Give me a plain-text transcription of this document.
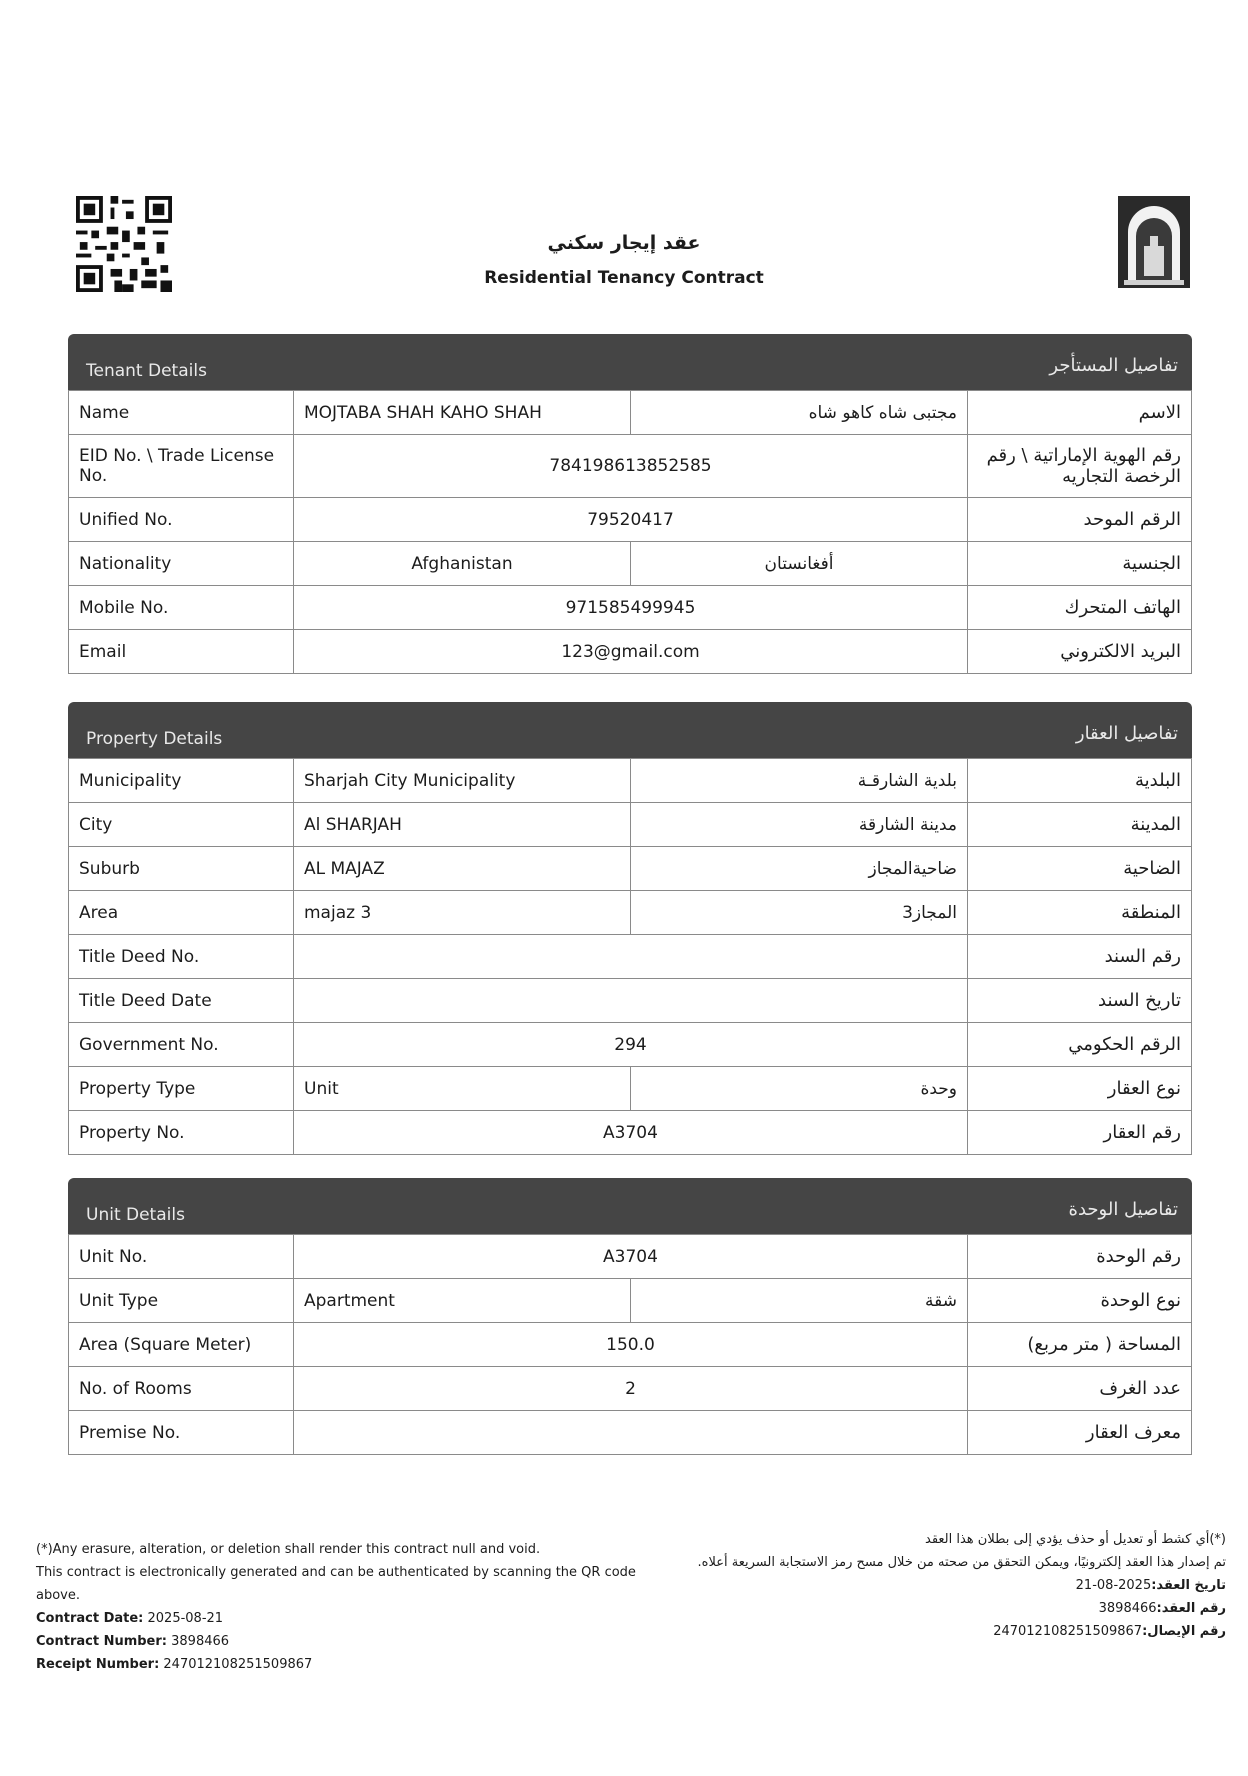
عقد إيجار سكني
Residential Tenancy Contract
Tenant Details	تفاصيل المستأجر
Name	MOJTABA SHAH KAHO SHAH	مجتبى شاه كاهو شاه	الاسم
EID No. \ Trade License No.	784198613852585		رقم الهوية الإماراتية \ رقم الرخصة التجاريه
Unified No.	79520417		الرقم الموحد
Nationality	Afghanistan	أفغانستان	الجنسية
Mobile No.	971585499945		الهاتف المتحرك
Email	123@gmail.com		البريد الالكتروني
Property Details	تفاصيل العقار
Municipality	Sharjah City Municipality	بلدية الشارقـة	البلدية
City	Al SHARJAH	مدينة الشارقة	المدينة
Suburb	AL MAJAZ	ضاحيةالمجاز	الضاحية
Area	majaz 3	المجاز3	المنطقة
Title Deed No.			رقم السند
Title Deed Date			تاريخ السند
Government No.	294		الرقم الحكومي
Property Type	Unit	وحدة	نوع العقار
Property No.	A3704		رقم العقار
Unit Details	تفاصيل الوحدة
Unit No.	A3704		رقم الوحدة
Unit Type	Apartment	شقة	نوع الوحدة
Area (Square Meter)	150.0		المساحة ( متر مربع)
No. of Rooms	2		عدد الغرف
Premise No.			معرف العقار
(*)Any erasure, alteration, or deletion shall render this contract null and void.
This contract is electronically generated and can be authenticated by scanning the QR code above.
Contract Date: 2025-08-21
Contract Number: 3898466
Receipt Number: 247012108251509867
(*)أي كشط أو تعديل أو حذف يؤدي إلى بطلان هذا العقد
تم إصدار هذا العقد إلكترونيًا، ويمكن التحقق من صحته من خلال مسح رمز الاستجابة السريعة أعلاه.
تاريخ العقد:2025-08-21
رقم العقد:3898466
رقم الإيصال:247012108251509867
